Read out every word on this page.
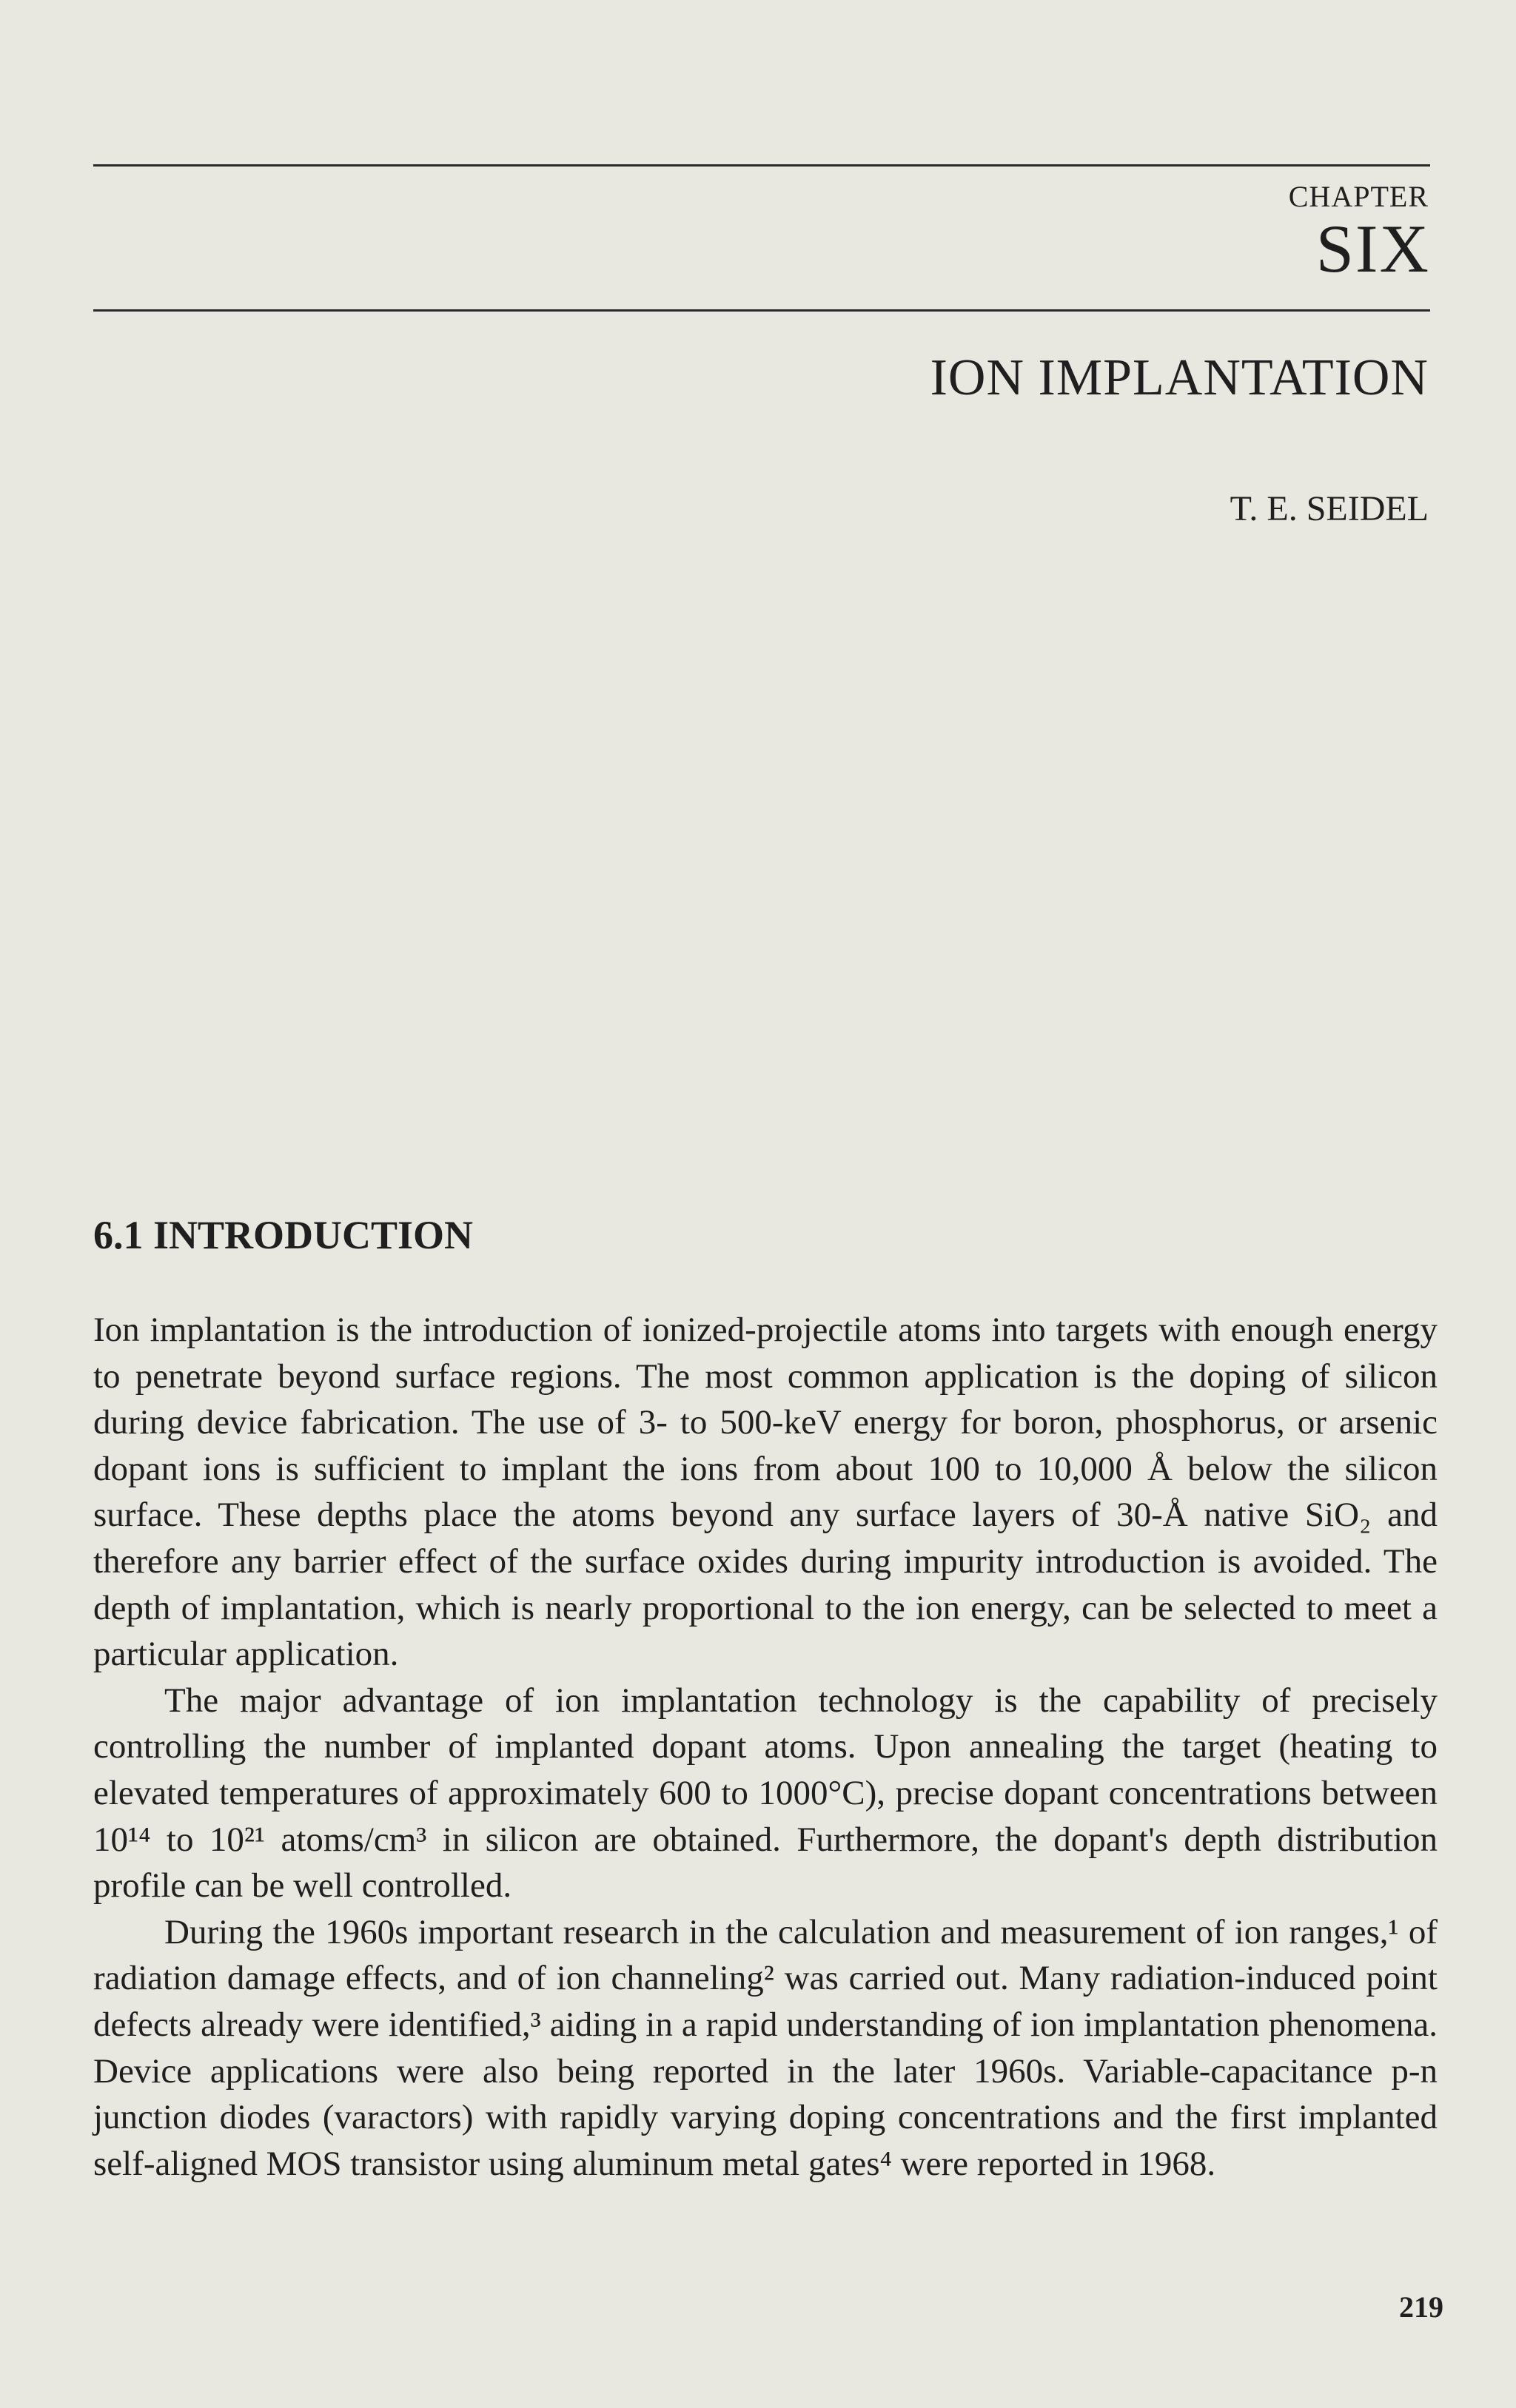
CHAPTER
SIX
ION IMPLANTATION
T. E. SEIDEL
6.1 INTRODUCTION

Ion implantation is the introduction of ionized-projectile atoms into targets with enough energy to penetrate beyond surface regions. The most common application is the doping of silicon during device fabrication. The use of 3- to 500-keV energy for boron, phosphorus, or arsenic dopant ions is sufficient to implant the ions from about 100 to 10,000 Å below the silicon surface. These depths place the atoms beyond any surface layers of 30-Å native SiO₂ and therefore any barrier effect of the surface oxides during impurity introduction is avoided. The depth of implantation, which is nearly proportional to the ion energy, can be selected to meet a particular application.

The major advantage of ion implantation technology is the capability of precisely controlling the number of implanted dopant atoms. Upon annealing the target (heating to elevated temperatures of approximately 600 to 1000°C), precise dopant concentrations between 10¹⁴ to 10²¹ atoms/cm³ in silicon are obtained. Furthermore, the dopant's depth distribution profile can be well controlled.

During the 1960s important research in the calculation and measurement of ion ranges,¹ of radiation damage effects, and of ion channeling² was carried out. Many radiation-induced point defects already were identified,³ aiding in a rapid understanding of ion implantation phenomena. Device applications were also being reported in the later 1960s. Variable-capacitance p-n junction diodes (varactors) with rapidly varying doping concentrations and the first implanted self-aligned MOS transistor using aluminum metal gates⁴ were reported in 1968.

219
